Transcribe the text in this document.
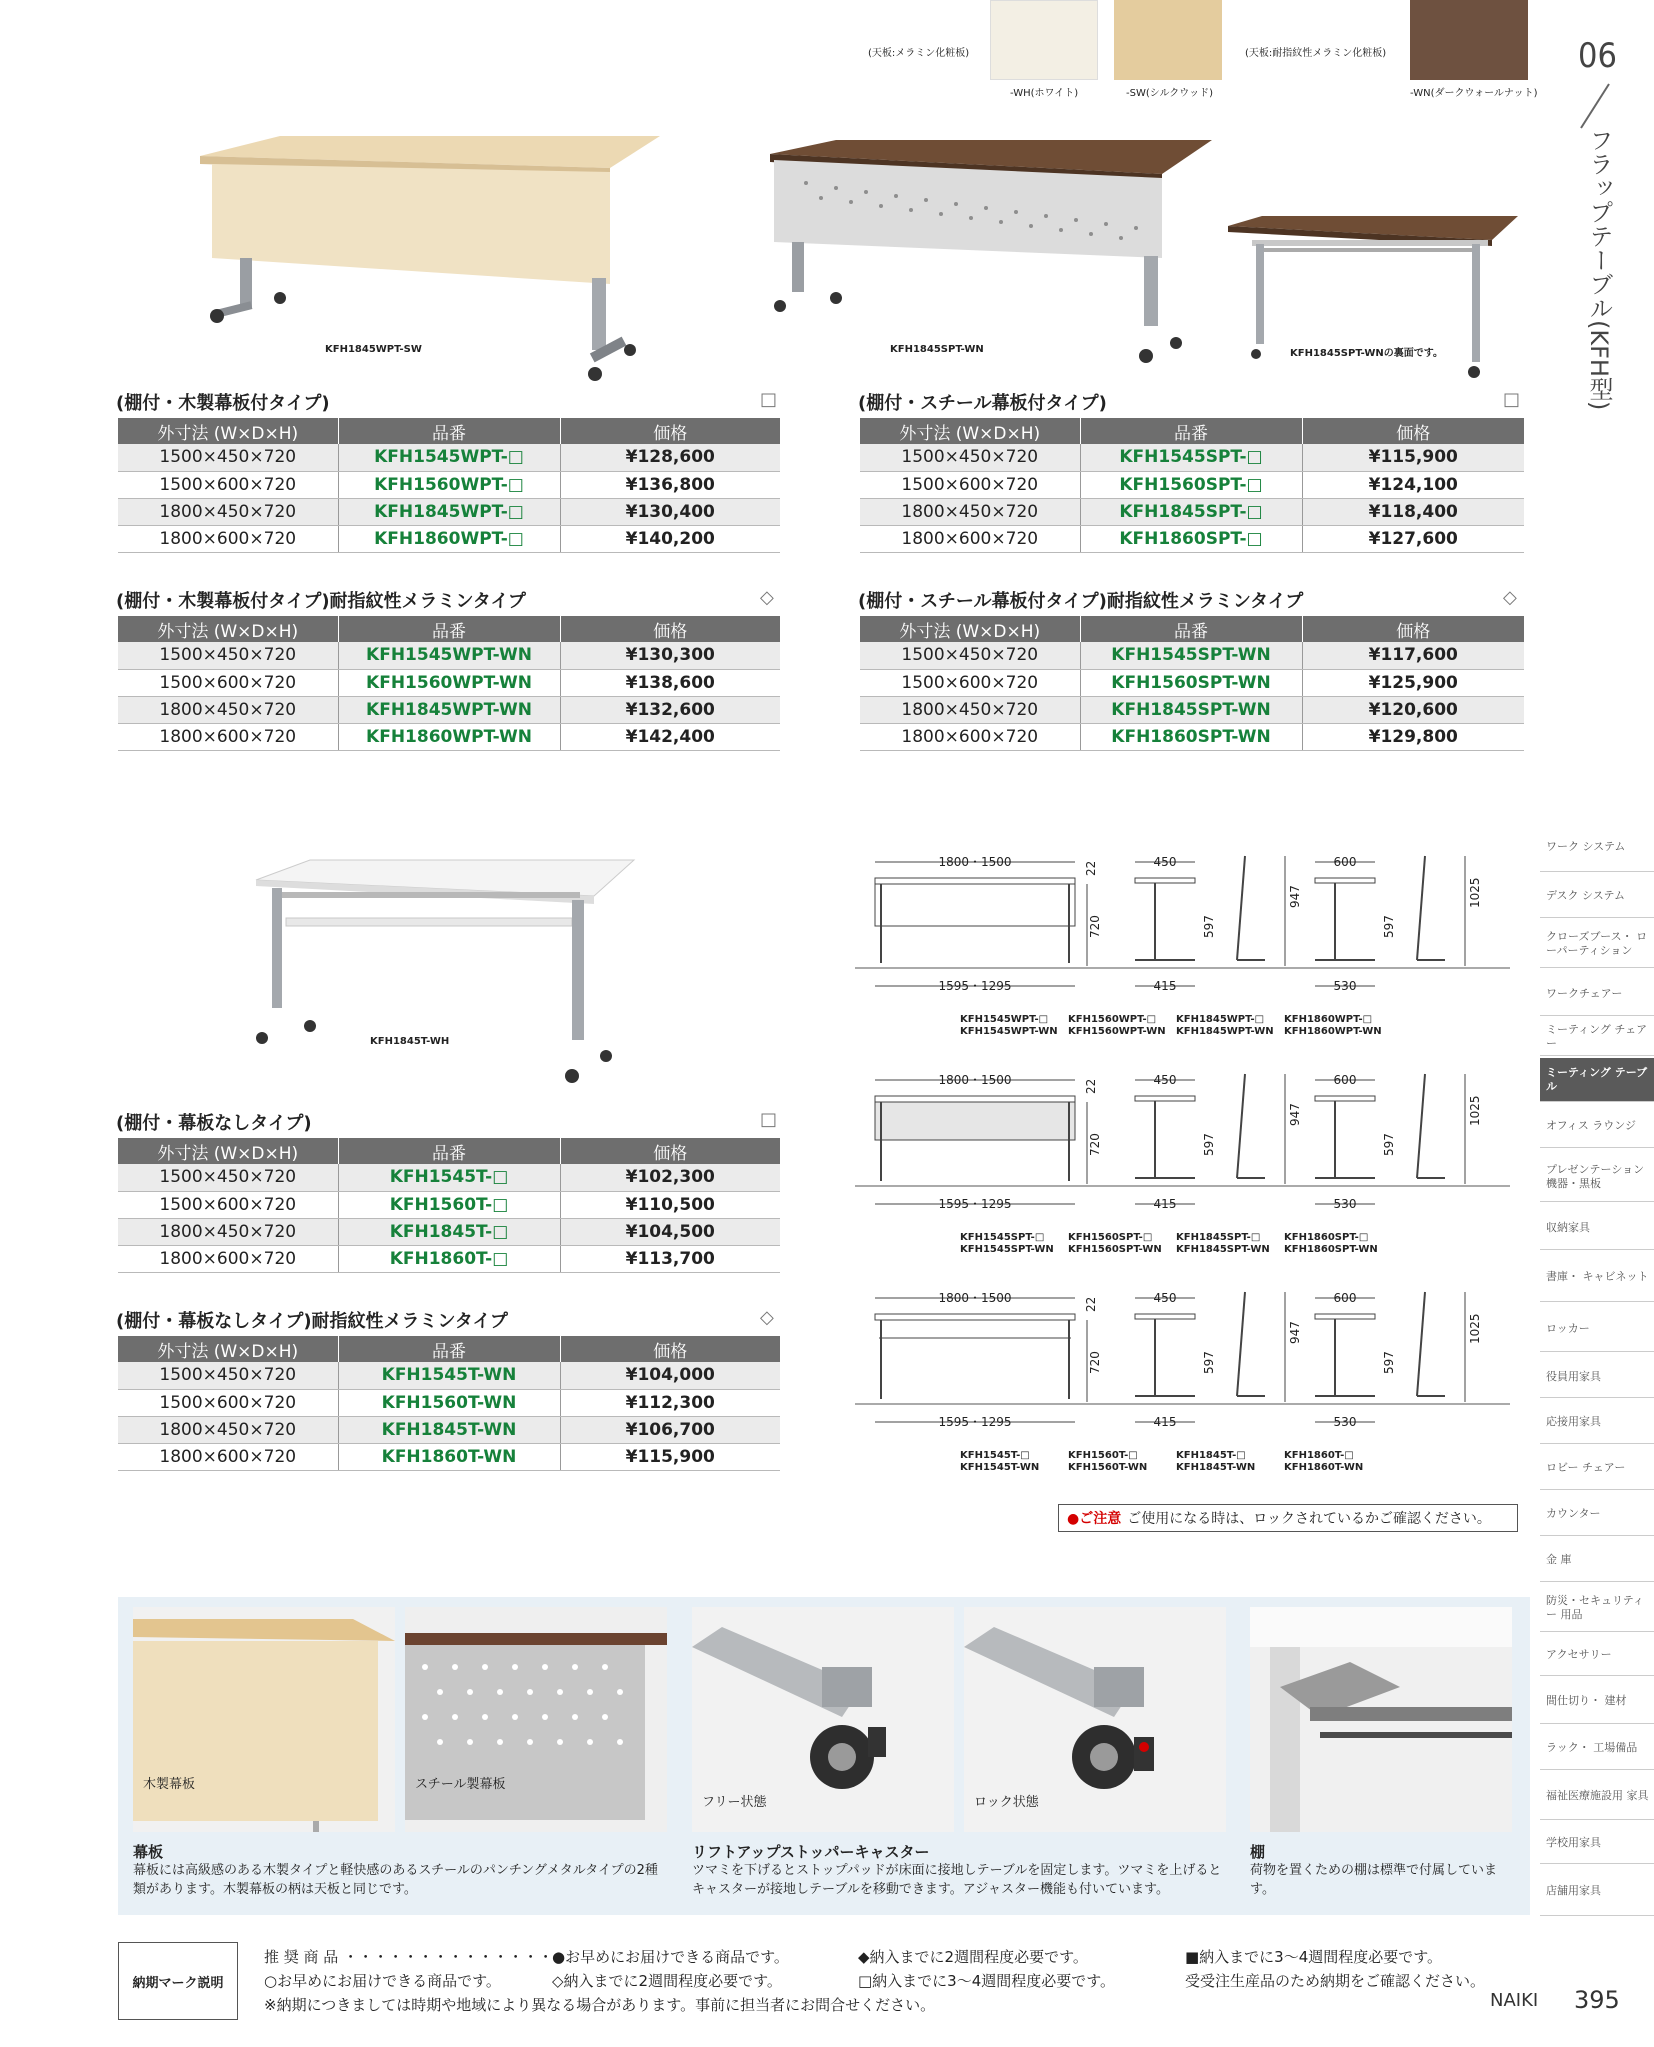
(天板:メラミン化粧板)	(天板:耐指紋性メラミン化粧板)
-WH(ホワイト)	-SW(シルクウッド)	-WN(ダークウォールナット)
06
フラップテーブル(KFH型)
KFH1845WPT-SW	KFH1845SPT-WN	KFH1845SPT-WNの裏面です。
(棚付・木製幕板付タイプ)	□
外寸法 (W×D×H)	品番	価格
1500×450×720	KFH1545WPT-□	¥128,600
1500×600×720	KFH1560WPT-□	¥136,800
1800×450×720	KFH1845WPT-□	¥130,400
1800×600×720	KFH1860WPT-□	¥140,200
(棚付・スチール幕板付タイプ)	□
外寸法 (W×D×H)	品番	価格
1500×450×720	KFH1545SPT-□	¥115,900
1500×600×720	KFH1560SPT-□	¥124,100
1800×450×720	KFH1845SPT-□	¥118,400
1800×600×720	KFH1860SPT-□	¥127,600
(棚付・木製幕板付タイプ)耐指紋性メラミンタイプ	◇
外寸法 (W×D×H)	品番	価格
1500×450×720	KFH1545WPT-WN	¥130,300
1500×600×720	KFH1560WPT-WN	¥138,600
1800×450×720	KFH1845WPT-WN	¥132,600
1800×600×720	KFH1860WPT-WN	¥142,400
(棚付・スチール幕板付タイプ)耐指紋性メラミンタイプ	◇
外寸法 (W×D×H)	品番	価格
1500×450×720	KFH1545SPT-WN	¥117,600
1500×600×720	KFH1560SPT-WN	¥125,900
1800×450×720	KFH1845SPT-WN	¥120,600
1800×600×720	KFH1860SPT-WN	¥129,800
KFH1845T-WH
(棚付・幕板なしタイプ)	□
外寸法 (W×D×H)	品番	価格
1500×450×720	KFH1545T-□	¥102,300
1500×600×720	KFH1560T-□	¥110,500
1800×450×720	KFH1845T-□	¥104,500
1800×600×720	KFH1860T-□	¥113,700
(棚付・幕板なしタイプ)耐指紋性メラミンタイプ	◇
外寸法 (W×D×H)	品番	価格
1500×450×720	KFH1545T-WN	¥104,000
1500×600×720	KFH1560T-WN	¥112,300
1800×450×720	KFH1845T-WN	¥106,700
1800×600×720	KFH1860T-WN	¥115,900
1800・1500
1595・1295
22
720
450
415
597
947
600
530
597
1025
1800・1500
1595・1295
22
720
450
415
597
947
600
530
597
1025
1800・1500
1595・1295
22
720
450
415
597
947
600
530
597
1025
●ご注意 ご使用になる時は、ロックされているかご確認ください。
ワーク システム
デスク システム
クローズブース・ ローパーティション
ワークチェアー
ミーティング チェアー
ミーティング テーブル
オフィス ラウンジ
プレゼンテーション 機器・黒板
収納家具
書庫・ キャビネット
ロッカー
役員用家具
応接用家具
ロビー チェアー
カウンター
金 庫
防災・セキュリティー 用品
アクセサリー
間仕切り・ 建材
ラック・ 工場備品
福祉医療施設用 家具
学校用家具
店舗用家具
木製幕板	スチール製幕板
フリー状態	ロック状態
幕板
幕板には高級感のある木製タイプと軽快感のあるスチールのパンチングメタルタイプの2種類があります。木製幕板の柄は天板と同じです。
リフトアップストッパーキャスター
ツマミを下げるとストップパッドが床面に接地しテーブルを固定します。ツマミを上げるとキャスターが接地しテーブルを移動できます。アジャスター機能も付いています。
棚
荷物を置くための棚は標準で付属しています。
納期マーク説明
推 奨 商 品 ・・・・・・・・・・・・・・・
●お早めにお届けできる商品です。	◆納入までに2週間程度必要です。	■納入までに3〜4週間程度必要です。
○お早めにお届けできる商品です。	◇納入までに2週間程度必要です。	□納入までに3〜4週間程度必要です。	受受注生産品のため納期をご確認ください。
※納期につきましては時期や地域により異なる場合があります。事前に担当者にお問合せください。	NAIKI 395
KFH1545WPT-□	KFH1560WPT-□	KFH1845WPT-□	KFH1860WPT-□
KFH1545WPT-WN	KFH1560WPT-WN	KFH1845WPT-WN	KFH1860WPT-WN
KFH1545SPT-□	KFH1560SPT-□	KFH1845SPT-□	KFH1860SPT-□
KFH1545SPT-WN	KFH1560SPT-WN	KFH1845SPT-WN	KFH1860SPT-WN
KFH1545T-□	KFH1560T-□	KFH1845T-□	KFH1860T-□
KFH1545T-WN	KFH1560T-WN	KFH1845T-WN	KFH1860T-WN
